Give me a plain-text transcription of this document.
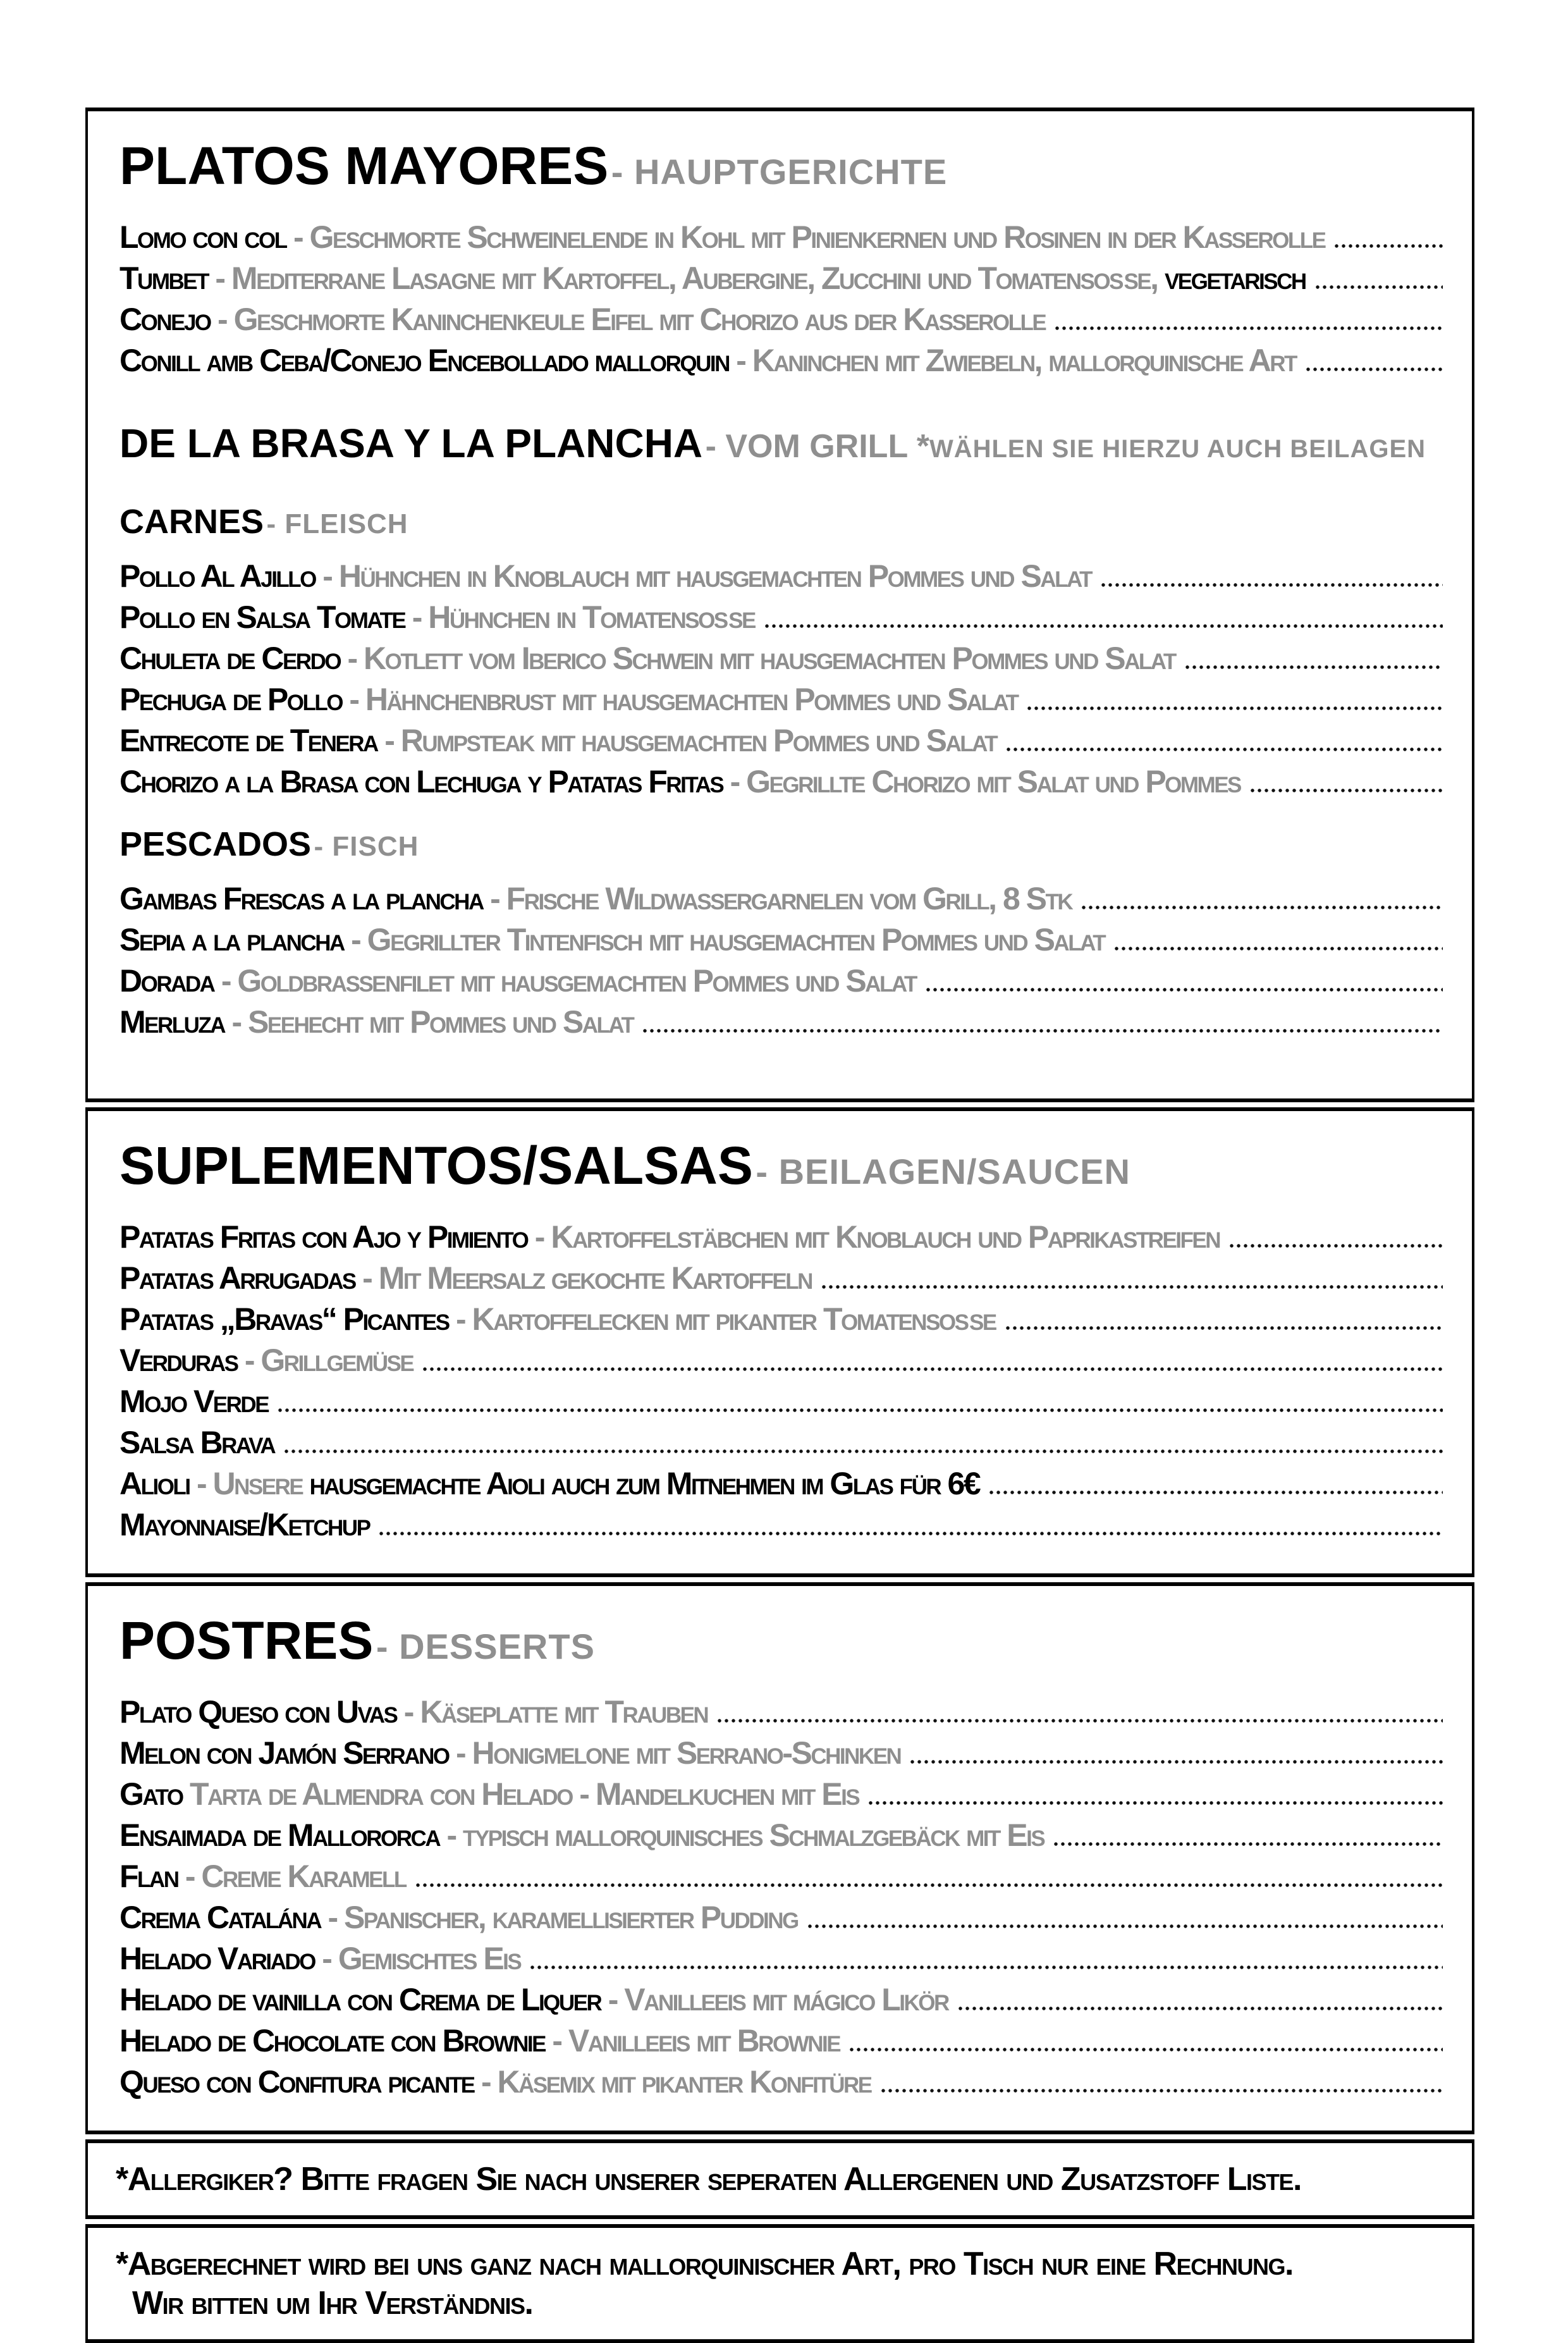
PLATOS MAYORES - HAUPTGERICHTE
Lomo con col - Geschmorte Schweinelende in Kohl mit Pinienkernen und Rosinen in der Kasserolle
Tumbet - Mediterrane Lasagne mit Kartoffel, Aubergine, Zucchini und Tomatensoße, vegetarisch
Conejo - Geschmorte Kaninchenkeule Eifel mit Chorizo aus der Kasserolle
Conill amb Ceba/Conejo Encebollado mallorquin - Kaninchen mit Zwiebeln, mallorquinische Art
DE LA BRASA Y LA PLANCHA - VOM GRILL *WÄHLEN SIE HIERZU AUCH BEILAGEN
CARNES - FLEISCH
Pollo Al Ajillo - Hühnchen in Knoblauch mit hausgemachten Pommes und Salat
Pollo en Salsa Tomate - Hühnchen in Tomatensoße
Chuleta de Cerdo - Kotlett vom Iberico Schwein mit hausgemachten Pommes und Salat
Pechuga de Pollo - Hähnchenbrust mit hausgemachten Pommes und Salat
Entrecote de Tenera - Rumpsteak mit hausgemachten Pommes und Salat
Chorizo a la Brasa con Lechuga y Patatas Fritas - Gegrillte Chorizo mit Salat und Pommes
PESCADOS - FISCH
Gambas Frescas a la plancha - Frische Wildwassergarnelen vom Grill, 8 Stk
Sepia a la plancha - Gegrillter Tintenfisch mit hausgemachten Pommes und Salat
Dorada - Goldbrassenfilet mit hausgemachten Pommes und Salat
Merluza - Seehecht mit Pommes und Salat
SUPLEMENTOS/SALSAS - BEILAGEN/SAUCEN
Patatas Fritas con Ajo y Pimiento - Kartoffelstäbchen mit Knoblauch und Paprikastreifen
Patatas Arrugadas - Mit Meersalz gekochte Kartoffeln
Patatas „Bravas“ Picantes - Kartoffelecken mit pikanter Tomatensoße
Verduras - Grillgemüse
Mojo Verde
Salsa Brava
Alioli - Unsere hausgemachte Aioli auch zum Mitnehmen im Glas für 6€
Mayonnaise/Ketchup
POSTRES - DESSERTS
Plato Queso con Uvas - Käseplatte mit Trauben
Melon con Jamón Serrano - Honigmelone mit Serrano-Schinken
Gato Tarta de Almendra con Helado - Mandelkuchen mit Eis
Ensaimada de Mallororca - typisch mallorquinisches Schmalzgebäck mit Eis
Flan - Creme Karamell
Crema Catalána - Spanischer, karamellisierter Pudding
Helado Variado - Gemischtes Eis
Helado de vainilla con Crema de Liquer - Vanilleeis mit mágico Likör
Helado de Chocolate con Brownie - Vanilleeis mit Brownie
Queso con Confitura picante - Käsemix mit pikanter Konfitüre
*Allergiker? Bitte fragen Sie nach unserer seperaten Allergenen und Zusatzstoff Liste.
*Abgerechnet wird bei uns ganz nach mallorquinischer Art, pro Tisch nur eine Rechnung.
Wir bitten um Ihr Verständnis.
